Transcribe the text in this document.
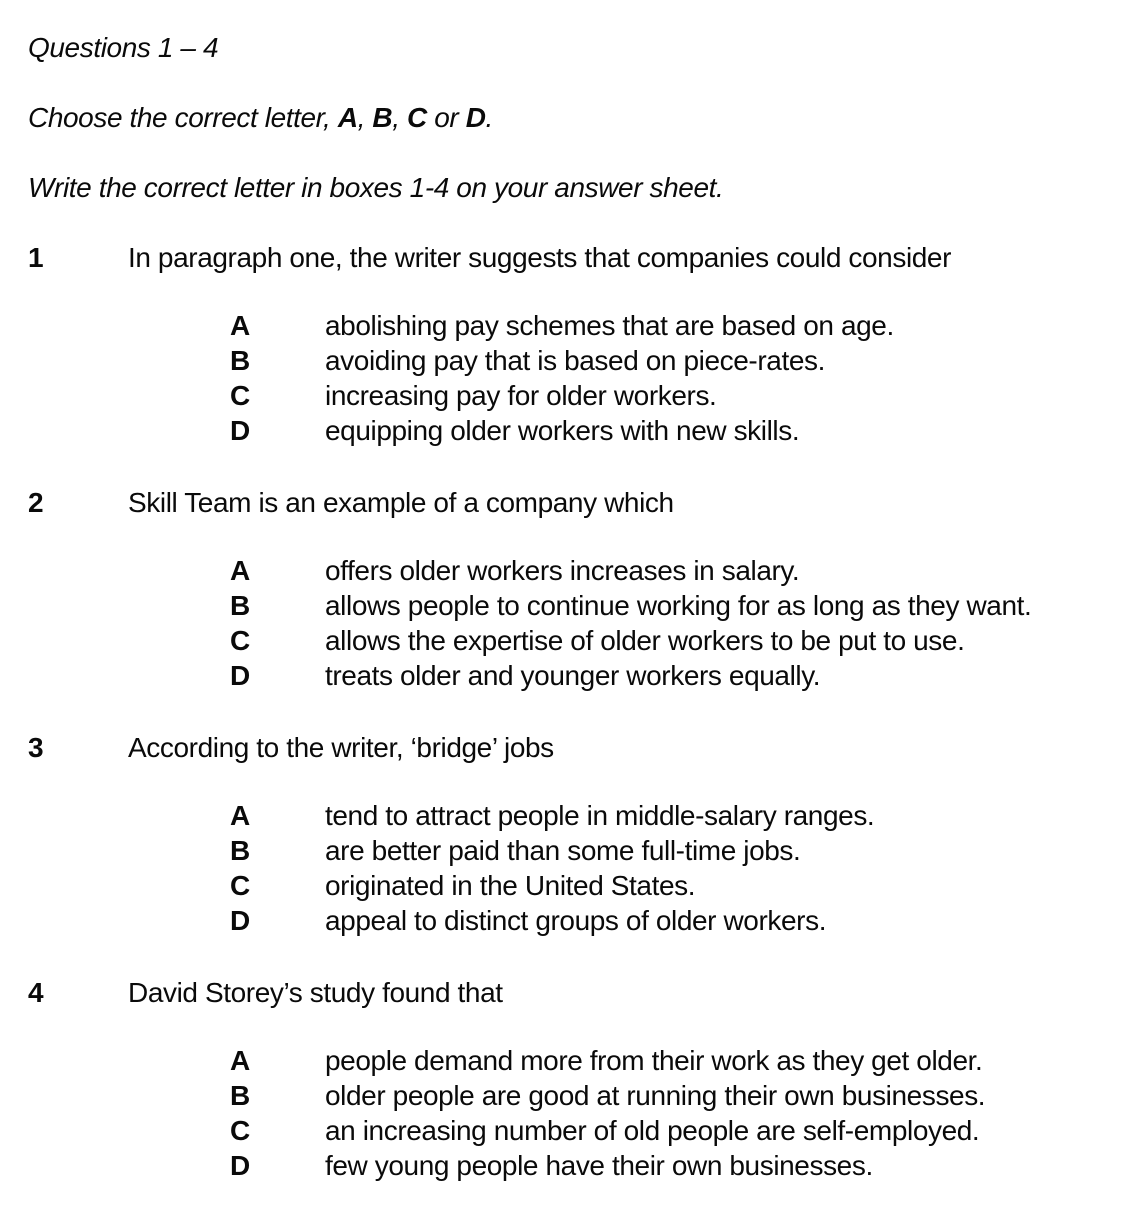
Questions 1 – 4

Choose the correct letter, A, B, C or D.

Write the correct letter in boxes 1-4 on your answer sheet.

1	In paragraph one, the writer suggests that companies could consider
A	abolishing pay schemes that are based on age.
B	avoiding pay that is based on piece-rates.
C	increasing pay for older workers.
D	equipping older workers with new skills.
2	Skill Team is an example of a company which
A	offers older workers increases in salary.
B	allows people to continue working for as long as they want.
C	allows the expertise of older workers to be put to use.
D	treats older and younger workers equally.
3	According to the writer, ‘bridge’ jobs
A	tend to attract people in middle-salary ranges.
B	are better paid than some full-time jobs.
C	originated in the United States.
D	appeal to distinct groups of older workers.
4	David Storey’s study found that
A	people demand more from their work as they get older.
B	older people are good at running their own businesses.
C	an increasing number of old people are self-employed.
D	few young people have their own businesses.
